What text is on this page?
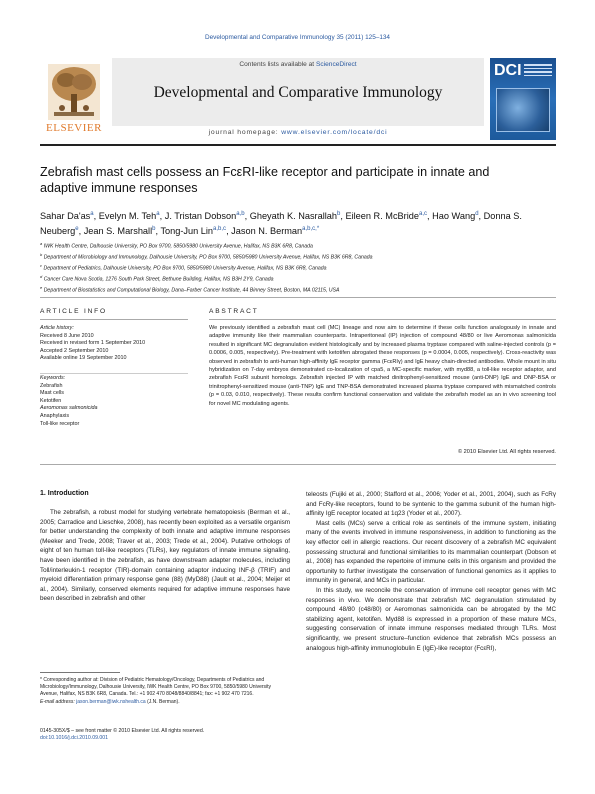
Developmental and Comparative Immunology 35 (2011) 125–134
ELSEVIER
Contents lists available at ScienceDirect
Developmental and Comparative Immunology
journal homepage: www.elsevier.com/locate/dci
DCI
Zebrafish mast cells possess an FcεRI-like receptor and participate in innate and adaptive immune responses
Sahar $Da'as^a$, Evelyn M. Teh$^a$, J. Tristan Dobson$^{a,b}$, Gheyath K. Nasrallah$^b$, Eileen R. McBride$^{a,c}$, Hao Wang$^d$, Donna S. Neuberg$^e$, Jean S. Marshall$^b$, Tong-Jun Lin$^{a,b,c}$, Jason N. Berman$^{a,b,c,*}$
$^a$ IWK Health Centre, Dalhousie University, PO Box 9700, 5850/5980 University Avenue, Halifax, NS B3K 6R8, Canada
$^b$ Department of Microbiology and Immunology, Dalhousie University, PO Box 9700, 5850/5980 University Avenue, Halifax, NS B3K 6R8, Canada
$^c$ Department of Pediatrics, Dalhousie University, PO Box 9700, 5850/5980 University Avenue, Halifax, NS B3K 6R8, Canada
$^d$ Cancer Care Nova Scotia, 1276 South Park Street, Bethune Building, Halifax, NS B3H 2Y9, Canada
$^e$ Department of Biostatistics and Computational Biology, Dana–Farber Cancer Institute, 44 Binney Street, Boston, MA 02115, USA
ARTICLE INFO	ABSTRACT
Article history:
Received 8 June 2010
Received in revised form 1 September 2010
Accepted 2 September 2010
Available online 19 September 2010
Keywords:
Zebrafish
Mast cells
Ketotifen
Aeromonas salmonicida
Anaphylaxis
Toll-like receptor
We previously identified a zebrafish mast cell (MC) lineage and now aim to determine if these cells function analogously in innate and adaptive immunity like their mammalian counterparts. Intraperitoneal (IP) injection of compound 48/80 or live Aeromonas salmonicida resulted in significant MC degranulation evident histologically and by increased plasma tryptase compared with saline-injected controls (p = 0.0006, 0.005, respectively). Pre-treatment with ketotifen abrogated these responses (p = 0.0004, 0.005, respectively). Cross-reactivity was observed in zebrafish to anti-human high-affinity IgE receptor gamma (FcεRIγ) and IgE heavy chain-directed antibodies. Whole mount in situ hybridization on 7-day embryos demonstrated co-localization of cpa5, a MC-specific marker, with myd88, a toll-like receptor adaptor, and zebrafish FcεRI subunit homologs. Zebrafish injected IP with matched dinitrophenyl-sensitized mouse (anti-DNP) IgE and DNP-BSA or trinitrophenyl-sensitized mouse (anti-TNP) IgE and TNP-BSA demonstrated increased plasma tryptase compared with mismatched controls (p = 0.03, 0.010, respectively). These results confirm functional conservation and validate the zebrafish model as an in vivo screening tool for novel MC modulating agents.
© 2010 Elsevier Ltd. All rights reserved.
1. Introduction

The zebrafish, a robust model for studying vertebrate hematopoiesis (Berman et al., 2005; Carradice and Lieschke, 2008), has recently been exploited as a versatile organism for better understanding the complexity of both innate and adaptive immune responses (Meeker and Trede, 2008; Traver et al., 2003; Trede et al., 2004). Putative orthologs of eight of ten human toll-like receptors (TLRs), key regulators of innate immune signaling, have been identified in the zebrafish, as have downstream adapter molecules, including Toll/interleukin-1 receptor (TIR)-domain containing adaptor inducing INF-β (TRIF) and myeloid differentiation primary response gene (88) (MyD88) (Jault et al., 2004; Meijer et al., 2004). Similarly, conserved elements required for adaptive immune responses have been described in zebrafish and other

teleosts (Fujiki et al., 2000; Stafford et al., 2006; Yoder et al., 2001, 2004), such as FcRγ and FcRγ-like receptors, found to be syntenic to the gamma subunit of the human high-affinity IgE receptor located at 1q23 (Yoder et al., 2007).

Mast cells (MCs) serve a critical role as sentinels of the immune system, initiating many of the events involved in immune responsiveness, in addition to functioning as the key effector cell in allergic reactions. Our recent discovery of a zebrafish MC equivalent possessing structural and functional similarities to its mammalian counterpart (Dobson et al., 2008) has expanded the repertoire of immune cells in this organism and provided the opportunity to further investigate the conservation of functional genomics as it applies to immunity in general, and MCs in particular.

In this study, we reconcile the conservation of immune cell receptor genes with MC responses in vivo. We demonstrate that zebrafish MC degranulation stimulated by compound 48/80 (c48/80) or Aeromonas salmonicida can be abrogated by the MC stabilizing agent, ketotifen. Myd88 is expressed in a proportion of these mature MCs, suggesting conservation of innate immune responses mediated through TLRs. Most significantly, we present structure–function evidence that zebrafish MCs possess an analogous high-affinity immunoglobulin E (IgE)-like receptor (FcεRI),

* Corresponding author at: Division of Pediatric Hematology/Oncology, Departments of Pediatrics and Microbiology/Immunology, Dalhousie University, IWK Health Centre, PO Box 9700, 5850/5980 University Avenue, Halifax, NS B3K 6R8, Canada. Tel.: +1 902 470 8048/8840/8841; fax: +1 902 470 7216.
E-mail address: jason.berman@iwk.nshealth.ca (J.N. Berman).
0145-305X/$ – see front matter © 2010 Elsevier Ltd. All rights reserved.
doi:10.1016/j.dci.2010.09.001
